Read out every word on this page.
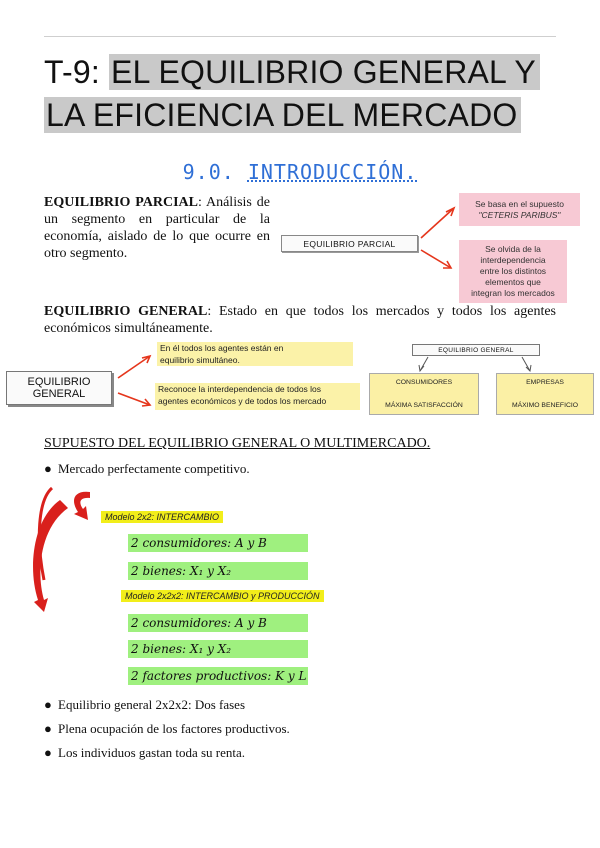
T-9: EL EQUILIBRIO GENERAL Y
LA EFICIENCIA DEL MERCADO
9.0. INTRODUCCIÓN.
EQUILIBRIO PARCIAL: Análisis de un segmento en particular de la economía, aislado de lo que ocurre en otro segmento.
EQUILIBRIO PARCIAL
Se basa en el supuesto
"CETERIS PARIBUS"
Se olvida de la
interdependencia
entre los distintos
elementos que
integran los mercados
EQUILIBRIO GENERAL: Estado en que todos los mercados y todos los agentes económicos simultáneamente.
EQUILIBRIO
GENERAL
En él todos los agentes están en
equilibrio simultáneo.
Reconoce la interdependencia de todos los
agentes económicos y de todos los mercado
EQUILIBRIO GENERAL
CONSUMIDORES
MÁXIMA SATISFACCIÓN
EMPRESAS
MÁXIMO BENEFICIO
SUPUESTO DEL EQUILIBRIO GENERAL O MULTIMERCADO.
● Mercado perfectamente competitivo.
Modelo 2x2: INTERCAMBIO
2 consumidores: A y B
2 bienes: X₁ y X₂
Modelo 2x2x2: INTERCAMBIO y PRODUCCIÓN
2 consumidores: A y B
2 bienes: X₁ y X₂
2 factores productivos: K y L
● Equilibrio general 2x2x2: Dos fases
● Plena ocupación de los factores productivos.
● Los individuos gastan toda su renta.
